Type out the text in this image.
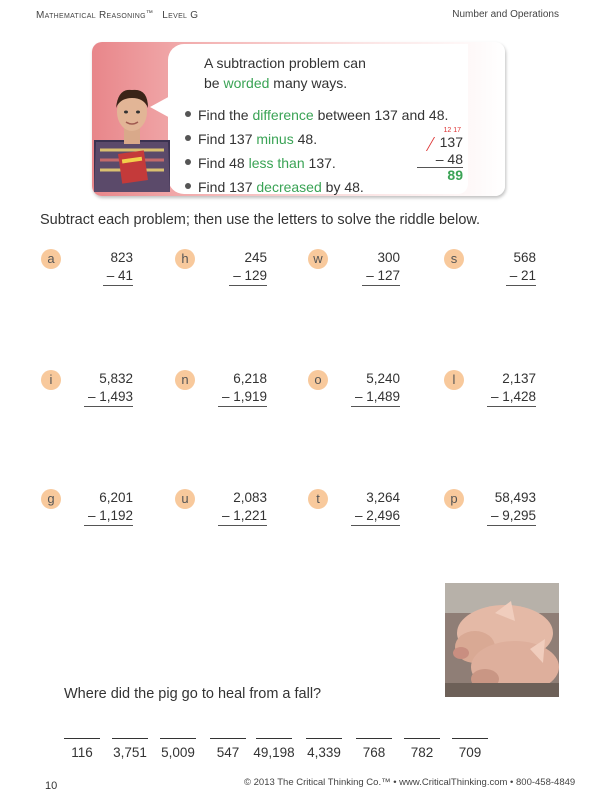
Mathematical Reasoning™ Level G	Number and Operations
A subtraction problem can
be worded many ways.
Find the difference between 137 and 48.
Find 137 minus 48.
Find 48 less than 137.
Find 137 decreased by 48.
12 17
137
– 48
89
Subtract each problem; then use the letters to solve the riddle below.
a	823
– 41
h	245
– 129
w	300
– 127
s	568
– 21
i	5,832
– 1,493
n	6,218
– 1,919
o	5,240
– 1,489
l	2,137
– 1,428
g	6,201
– 1,192
u	2,083
– 1,221
t	3,264
– 2,496
p	58,493
– 9,295
Where did the pig go to heal from a fall?
116	3,751	5,009	547	49,198 4,339	768	782	709
10	© 2013 The Critical Thinking Co.™ • www.CriticalThinking.com • 800-458-4849
